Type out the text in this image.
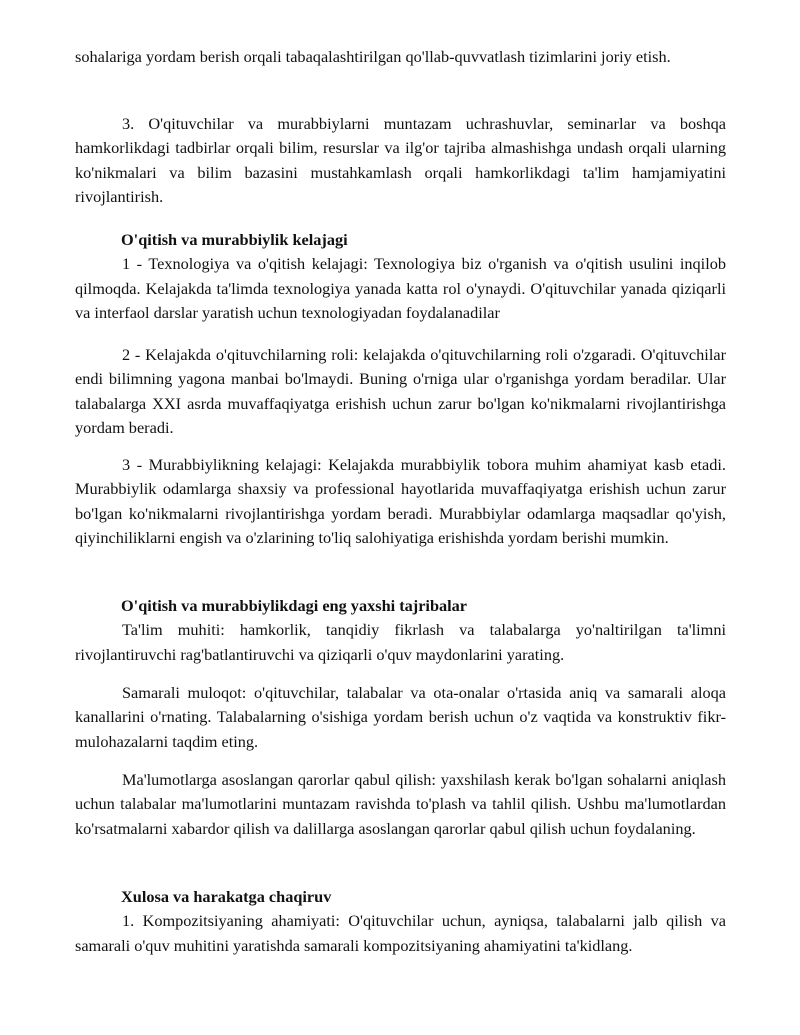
sohalariga yordam berish orqali tabaqalashtirilgan qo'llab-quvvatlash tizimlarini joriy etish.

3. O'qituvchilar va murabbiylarni muntazam uchrashuvlar, seminarlar va boshqa hamkorlikdagi tadbirlar orqali bilim, resurslar va ilg'or tajriba almashishga undash orqali ularning ko'nikmalari va bilim bazasini mustahkamlash orqali hamkorlikdagi ta'lim hamjamiyatini rivojlantirish.

O'qitish va murabbiylik kelajagi

1 - Texnologiya va o'qitish kelajagi: Texnologiya biz o'rganish va o'qitish usulini inqilob qilmoqda. Kelajakda ta'limda texnologiya yanada katta rol o'ynaydi. O'qituvchilar yanada qiziqarli va interfaol darslar yaratish uchun texnologiyadan foydalanadilar

2 - Kelajakda o'qituvchilarning roli: kelajakda o'qituvchilarning roli o'zgaradi. O'qituvchilar endi bilimning yagona manbai bo'lmaydi. Buning o'rniga ular o'rganishga yordam beradilar. Ular talabalarga XXI asrda muvaffaqiyatga erishish uchun zarur bo'lgan ko'nikmalarni rivojlantirishga yordam beradi.

3 - Murabbiylikning kelajagi: Kelajakda murabbiylik tobora muhim ahamiyat kasb etadi. Murabbiylik odamlarga shaxsiy va professional hayotlarida muvaffaqiyatga erishish uchun zarur bo'lgan ko'nikmalarni rivojlantirishga yordam beradi. Murabbiylar odamlarga maqsadlar qo'yish, qiyinchiliklarni engish va o'zlarining to'liq salohiyatiga erishishda yordam berishi mumkin.

O'qitish va murabbiylikdagi eng yaxshi tajribalar

Ta'lim muhiti: hamkorlik, tanqidiy fikrlash va talabalarga yo'naltirilgan ta'limni rivojlantiruvchi rag'batlantiruvchi va qiziqarli o'quv maydonlarini yarating.

Samarali muloqot: o'qituvchilar, talabalar va ota-onalar o'rtasida aniq va samarali aloqa kanallarini o'rnating. Talabalarning o'sishiga yordam berish uchun o'z vaqtida va konstruktiv fikr-mulohazalarni taqdim eting.

Ma'lumotlarga asoslangan qarorlar qabul qilish: yaxshilash kerak bo'lgan sohalarni aniqlash uchun talabalar ma'lumotlarini muntazam ravishda to'plash va tahlil qilish. Ushbu ma'lumotlardan ko'rsatmalarni xabardor qilish va dalillarga asoslangan qarorlar qabul qilish uchun foydalaning.

Xulosa va harakatga chaqiruv

1. Kompozitsiyaning ahamiyati: O'qituvchilar uchun, ayniqsa, talabalarni jalb qilish va samarali o'quv muhitini yaratishda samarali kompozitsiyaning ahamiyatini ta'kidlang.
